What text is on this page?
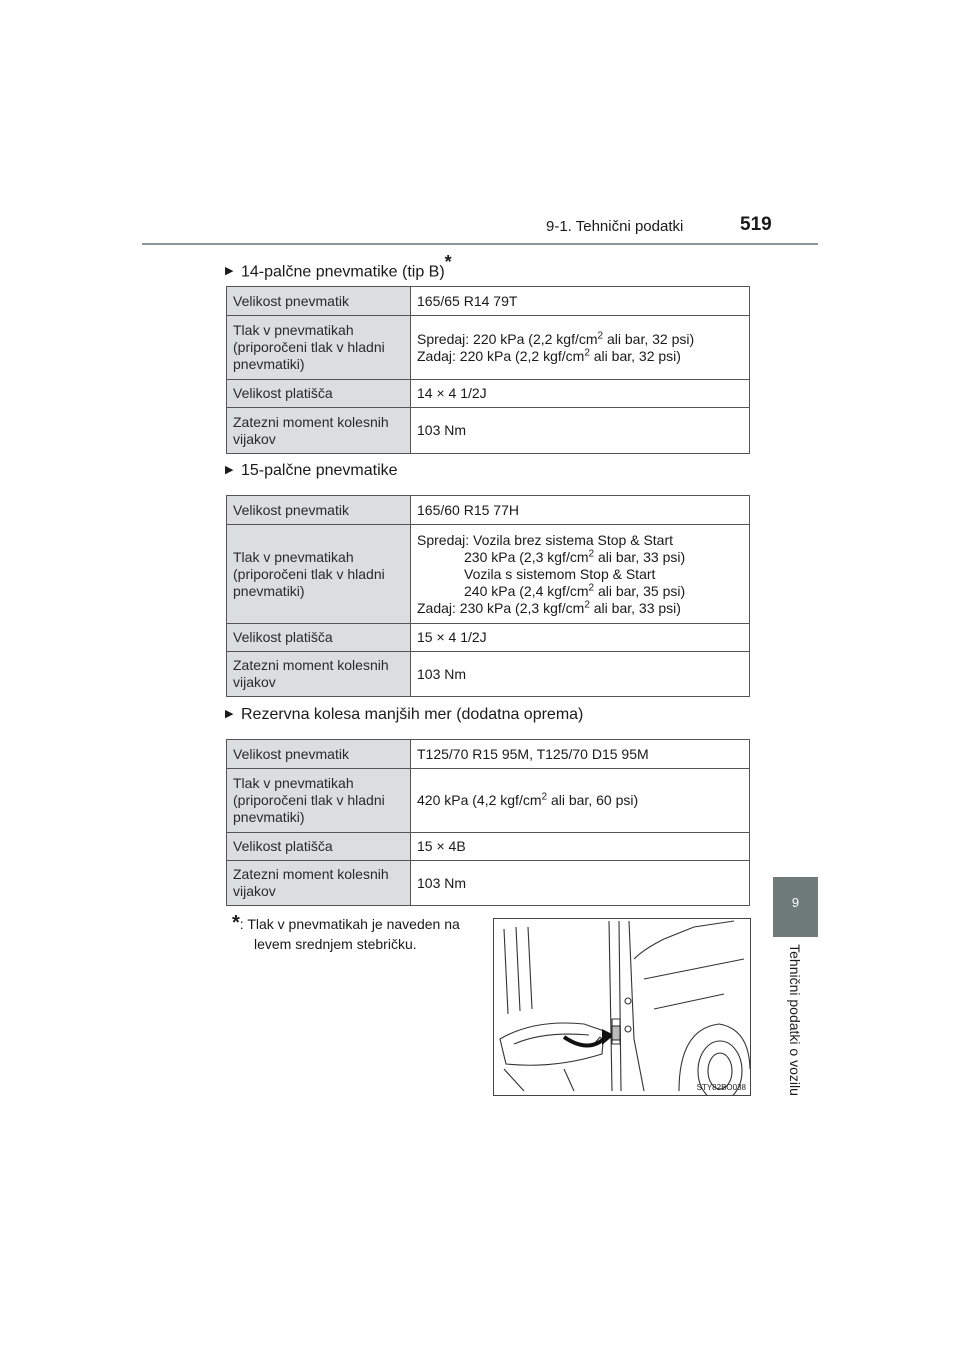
9-1. Tehnični podatki	519
9
Tehnični podatki o vozilu
▶ 14-palčne pnevmatike (tip B)*
Velikost pnevmatik	165/65 R14 79T
Tlak v pnevmatikah (priporočeni tlak v hladni pnevmatiki)	Spredaj: 220 kPa (2,2 kgf/$cm^2$ ali bar, 32 psi)
Zadaj: 220 kPa (2,2 kgf/$cm^2$ ali bar, 32 psi)

Velikost platišča	14 × 4 1/2J
Zatezni moment kolesnih vijakov	103 Nm
▶ 15-palčne pnevmatike
Velikost pnevmatik	165/60 R15 77H
Tlak v pnevmatikah (priporočeni tlak v hladni pnevmatiki)	Spredaj: Vozila brez sistema Stop & Start
230 kPa (2,3 kgf/$cm^2$ ali bar, 33 psi)
Vozila s sistemom Stop & Start
240 kPa (2,4 kgf/$cm^2$ ali bar, 35 psi)
Zadaj: 230 kPa (2,3 kgf/$cm^2$ ali bar, 33 psi)

Velikost platišča	15 × 4 1/2J
Zatezni moment kolesnih vijakov	103 Nm
▶ Rezervna kolesa manjših mer (dodatna oprema)
Velikost pnevmatik	T125/70 R15 95M, T125/70 D15 95M
Tlak v pnevmatikah (priporočeni tlak v hladni pnevmatiki)	420 kPa (4,2 kgf/$cm^2$ ali bar, 60 psi)

Velikost platišča	15 × 4B
Zatezni moment kolesnih vijakov	103 Nm
*: Tlak v pnevmatikah je naveden na
levem srednjem stebričku.
STY82BO038
